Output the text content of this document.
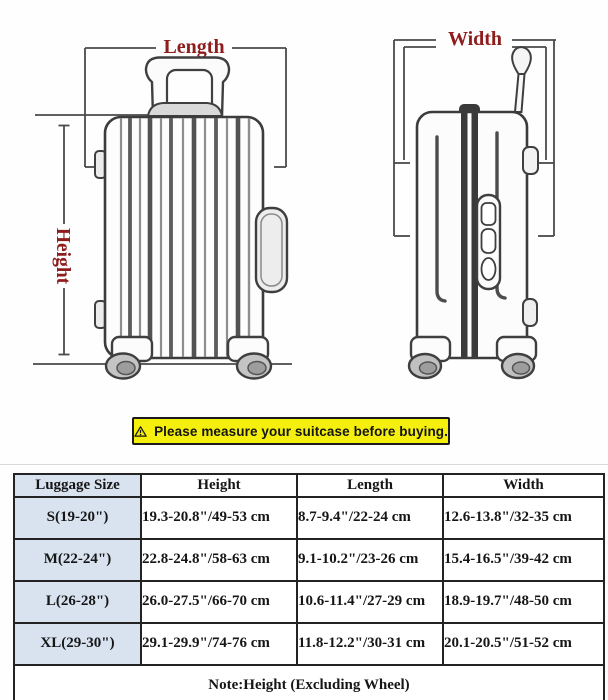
Length
Height
Width
Please measure your suitcase before buying.
Luggage Size	Height	Length	Width
S(19-20")	19.3-20.8"/49-53 cm	8.7-9.4"/22-24 cm	12.6-13.8"/32-35 cm
M(22-24")	22.8-24.8"/58-63 cm	9.1-10.2"/23-26 cm	15.4-16.5"/39-42 cm
L(26-28")	26.0-27.5"/66-70 cm	10.6-11.4"/27-29 cm	18.9-19.7"/48-50 cm
XL(29-30")	29.1-29.9"/74-76 cm	11.8-12.2"/30-31 cm	20.1-20.5"/51-52 cm
Note:Height (Excluding Wheel)			
